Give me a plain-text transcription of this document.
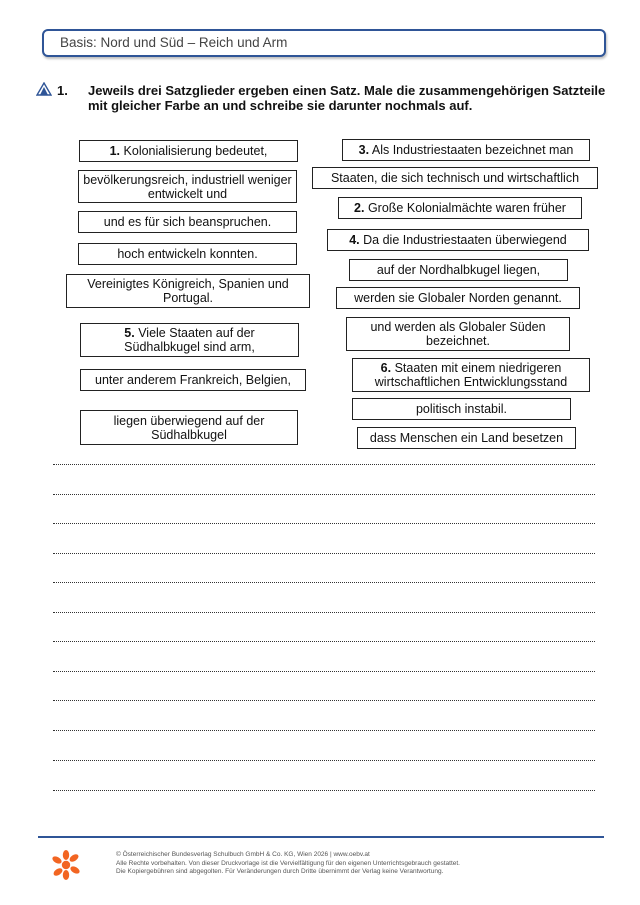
Basis: Nord und Süd – Reich und Arm
1. Jeweils drei Satzglieder ergeben einen Satz. Male die zusammengehörigen Satzteile mit gleicher Farbe an und schreibe sie darunter nochmals auf.
1. Kolonialisierung bedeutet,
bevölkerungsreich, industriell weniger entwickelt und
und es für sich beanspruchen.
hoch entwickeln konnten.
Vereinigtes Königreich, Spanien und Portugal.
5. Viele Staaten auf der Südhalbkugel sind arm,
unter anderem Frankreich, Belgien,
liegen überwiegend auf der Südhalbkugel
3. Als Industriestaaten bezeichnet man
Staaten, die sich technisch und wirtschaftlich
2. Große Kolonialmächte waren früher
4. Da die Industriestaaten überwiegend
auf der Nordhalbkugel liegen,
werden sie Globaler Norden genannt.
und werden als Globaler Süden bezeichnet.
6. Staaten mit einem niedrigeren wirtschaftlichen Entwicklungsstand
politisch instabil.
dass Menschen ein Land besetzen
© Österreichischer Bundesverlag Schulbuch GmbH & Co. KG, Wien 2026 | www.oebv.at
Alle Rechte vorbehalten. Von dieser Druckvorlage ist die Vervielfältigung für den eigenen Unterrichtsgebrauch gestattet.
Die Kopiergebühren sind abgegolten. Für Veränderungen durch Dritte übernimmt der Verlag keine Verantwortung.
